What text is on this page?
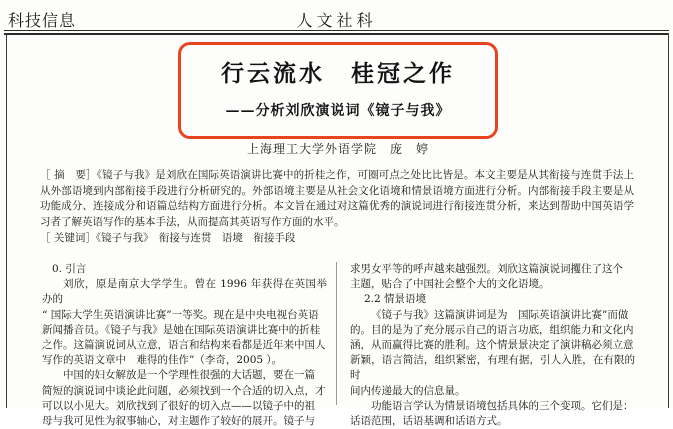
科技信息	人文社科
行云流水　桂冠之作
——分析刘欣演说词《镜子与我》
上海理工大学外语学院　庞　婷

［ 摘　要］《镜子与我》是刘欣在国际英语演讲比赛中的折桂之作，可圈可点之处比比皆是。本文主要是从其衔接与连贯手法上从外部语境到内部衔接手段进行分析研究的。外部语境主要是从社会文化语境和情景语境方面进行分析。内部衔接手段主要是从功能成分、连接成分和语篇总结构方面进行分析。本文旨在通过对这篇优秀的演说词进行衔接连贯分析，来达到帮助中国英语学习者了解英语写作的基本手法，从而提高其英语写作方面的水平。

［ 关键词］《镜子与我》　衔接与连贯　语境　衔接手段

0. 引言

刘欣，原是南京大学学生。曾在 1996 年获得在英国举办的

“ 国际大学生英语演讲比赛”一等奖。现在是中央电视台英语

新闻播音员。《镜子与我》是她在国际英语演讲比赛中的折桂

之作。这篇演说词从立意，语言和结构来看都是近年来中国人

写作的英语文章中　难得的佳作”（李奇，2005 ）。

中国的妇女解放是一个学理性很强的大话题，要在一篇

简短的演说词中谈论此问题，必须找到一个合适的切入点，才

可以以小见大。刘欣找到了很好的切入点——以镜子中的祖

母与我可见性为叙事轴心，对主题作了较好的展开。镜子与

求男女平等的呼声越来越强烈。刘欣这篇演说词攫住了这个

主题，贴合了中国社会整个大的文化语境。

2.2 情景语境

《镜子与我》这篇演讲词是为　国际英语演讲比赛”而做

的。目的是为了充分展示自己的语言功底，组织能力和文化内

涵，从而赢得比赛的胜利。这个情景景决定了演讲稿必须立意

新颖，语言简洁，组织紧密，有理有据，引人入胜，在有限的时

间内传递最大的信息量。

功能语言学认为情景语境包括具体的三个变项。它们是：

话语范围，话语基调和话语方式。
